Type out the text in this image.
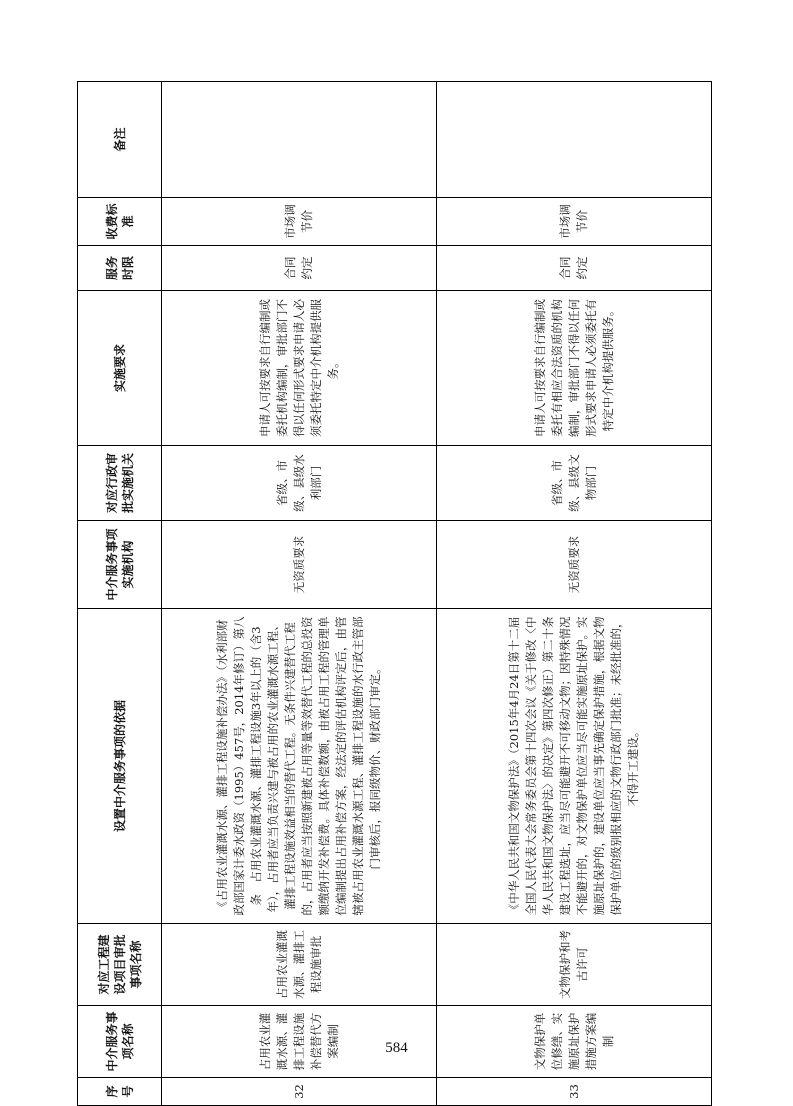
序号	中介服务事项名称	对应工程建设项目审批事项名称	设置中介服务事项的依据	中介服务事项实施机构	对应行政审批实施机关	实施要求	服务时限	收费标准	备注
32	占用农业灌溉水源、灌排工程设施补偿替代方案编制	占用农业灌溉水源、灌排工程设施审批	《占用农业灌溉水源、灌排工程设施补偿办法》（水利部财政部国家计委水政资（1995）457号，2014年修订）第八条　占用农业灌溉水源、灌排工程设施3年以上的（含3年），占用者应当负责兴建与被占用的农业灌溉水源工程、灌排工程设施效益相当的替代工程。无条件兴建替代工程的，占用者应当按照新建被占用等量等效替代工程的总投资额缴纳开发补偿费。具体补偿数额，由被占用工程的管理单位编制提出占用补偿方案，经法定的评估机构评定后，由管辖被占用农业灌溉水源工程、灌排工程设施的水行政主管部门审核后，报同级物价、财政部门审定。	无资质要求	省级、市级、县级水利部门	申请人可按要求自行编制或委托机构编制，审批部门不得以任何形式要求申请人必须委托特定中介机构提供服务。	合同约定	市场调节价	
33	文物保护单位修缮、实施原址保护措施方案编制	文物保护和考古许可	《中华人民共和国文物保护法》（2015年4月24日第十二届全国人民代表大会常务委员会第十四次会议《关于修改〈中华人民共和国文物保护法〉的决定》第四次修正）第二十条　建设工程选址，应当尽可能避开不可移动文物；因特殊情况不能避开的，对文物保护单位应当尽可能实施原址保护。实施原址保护的，建设单位应当事先确定保护措施，根据文物保护单位的级别报相应的文物行政部门批准；未经批准的，不得开工建设。	无资质要求	省级、市级、县级文物部门	申请人可按要求自行编制或委托有相应合法资质的机构编制，审批部门不得以任何形式要求申请人必须委托有特定中介机构提供服务。	合同约定	市场调节价	
584
